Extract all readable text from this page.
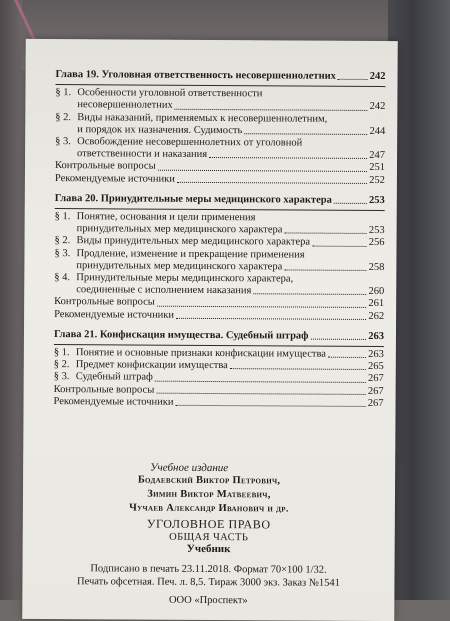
Глава 19. Уголовная ответственность несовершеннолетних	242
§ 1. Особенности уголовной ответственности
несовершеннолетних	242
§ 2. Виды наказаний, применяемых к несовершеннолетним,
и порядок их назначения. Судимость	244
§ 3. Освобождение несовершеннолетних от уголовной
ответственности и наказания	247
Контрольные вопросы	251
Рекомендуемые источники	252
Глава 20. Принудительные меры медицинского характера	253
§ 1. Понятие, основания и цели применения
принудительных мер медицинского характера	253
§ 2. Виды принудительных мер медицинского характера	256
§ 3. Продление, изменение и прекращение применения
принудительных мер медицинского характера	258
§ 4. Принудительные меры медицинского характера,
соединенные с исполнением наказания	260
Контрольные вопросы	261
Рекомендуемые источники	262
Глава 21. Конфискация имущества. Судебный штраф	263
§ 1. Понятие и основные признаки конфискации имущества	263
§ 2. Предмет конфискации имущества	265
§ 3. Судебный штраф	267
Контрольные вопросы	267
Рекомендуемые источники	267
Учебное издание
Бодаевский Виктор Петрович,
Зимин Виктор Матвеевич,
Чучаев Александр Иванович и др.
УГОЛОВНОЕ ПРАВО
ОБЩАЯ ЧАСТЬ
Учебник
Подписано в печать 23.11.2018. Формат 70×100 1/32.
Печать офсетная. Печ. л. 8,5. Тираж 3000 экз. Заказ №1541
ООО «Проспект»
